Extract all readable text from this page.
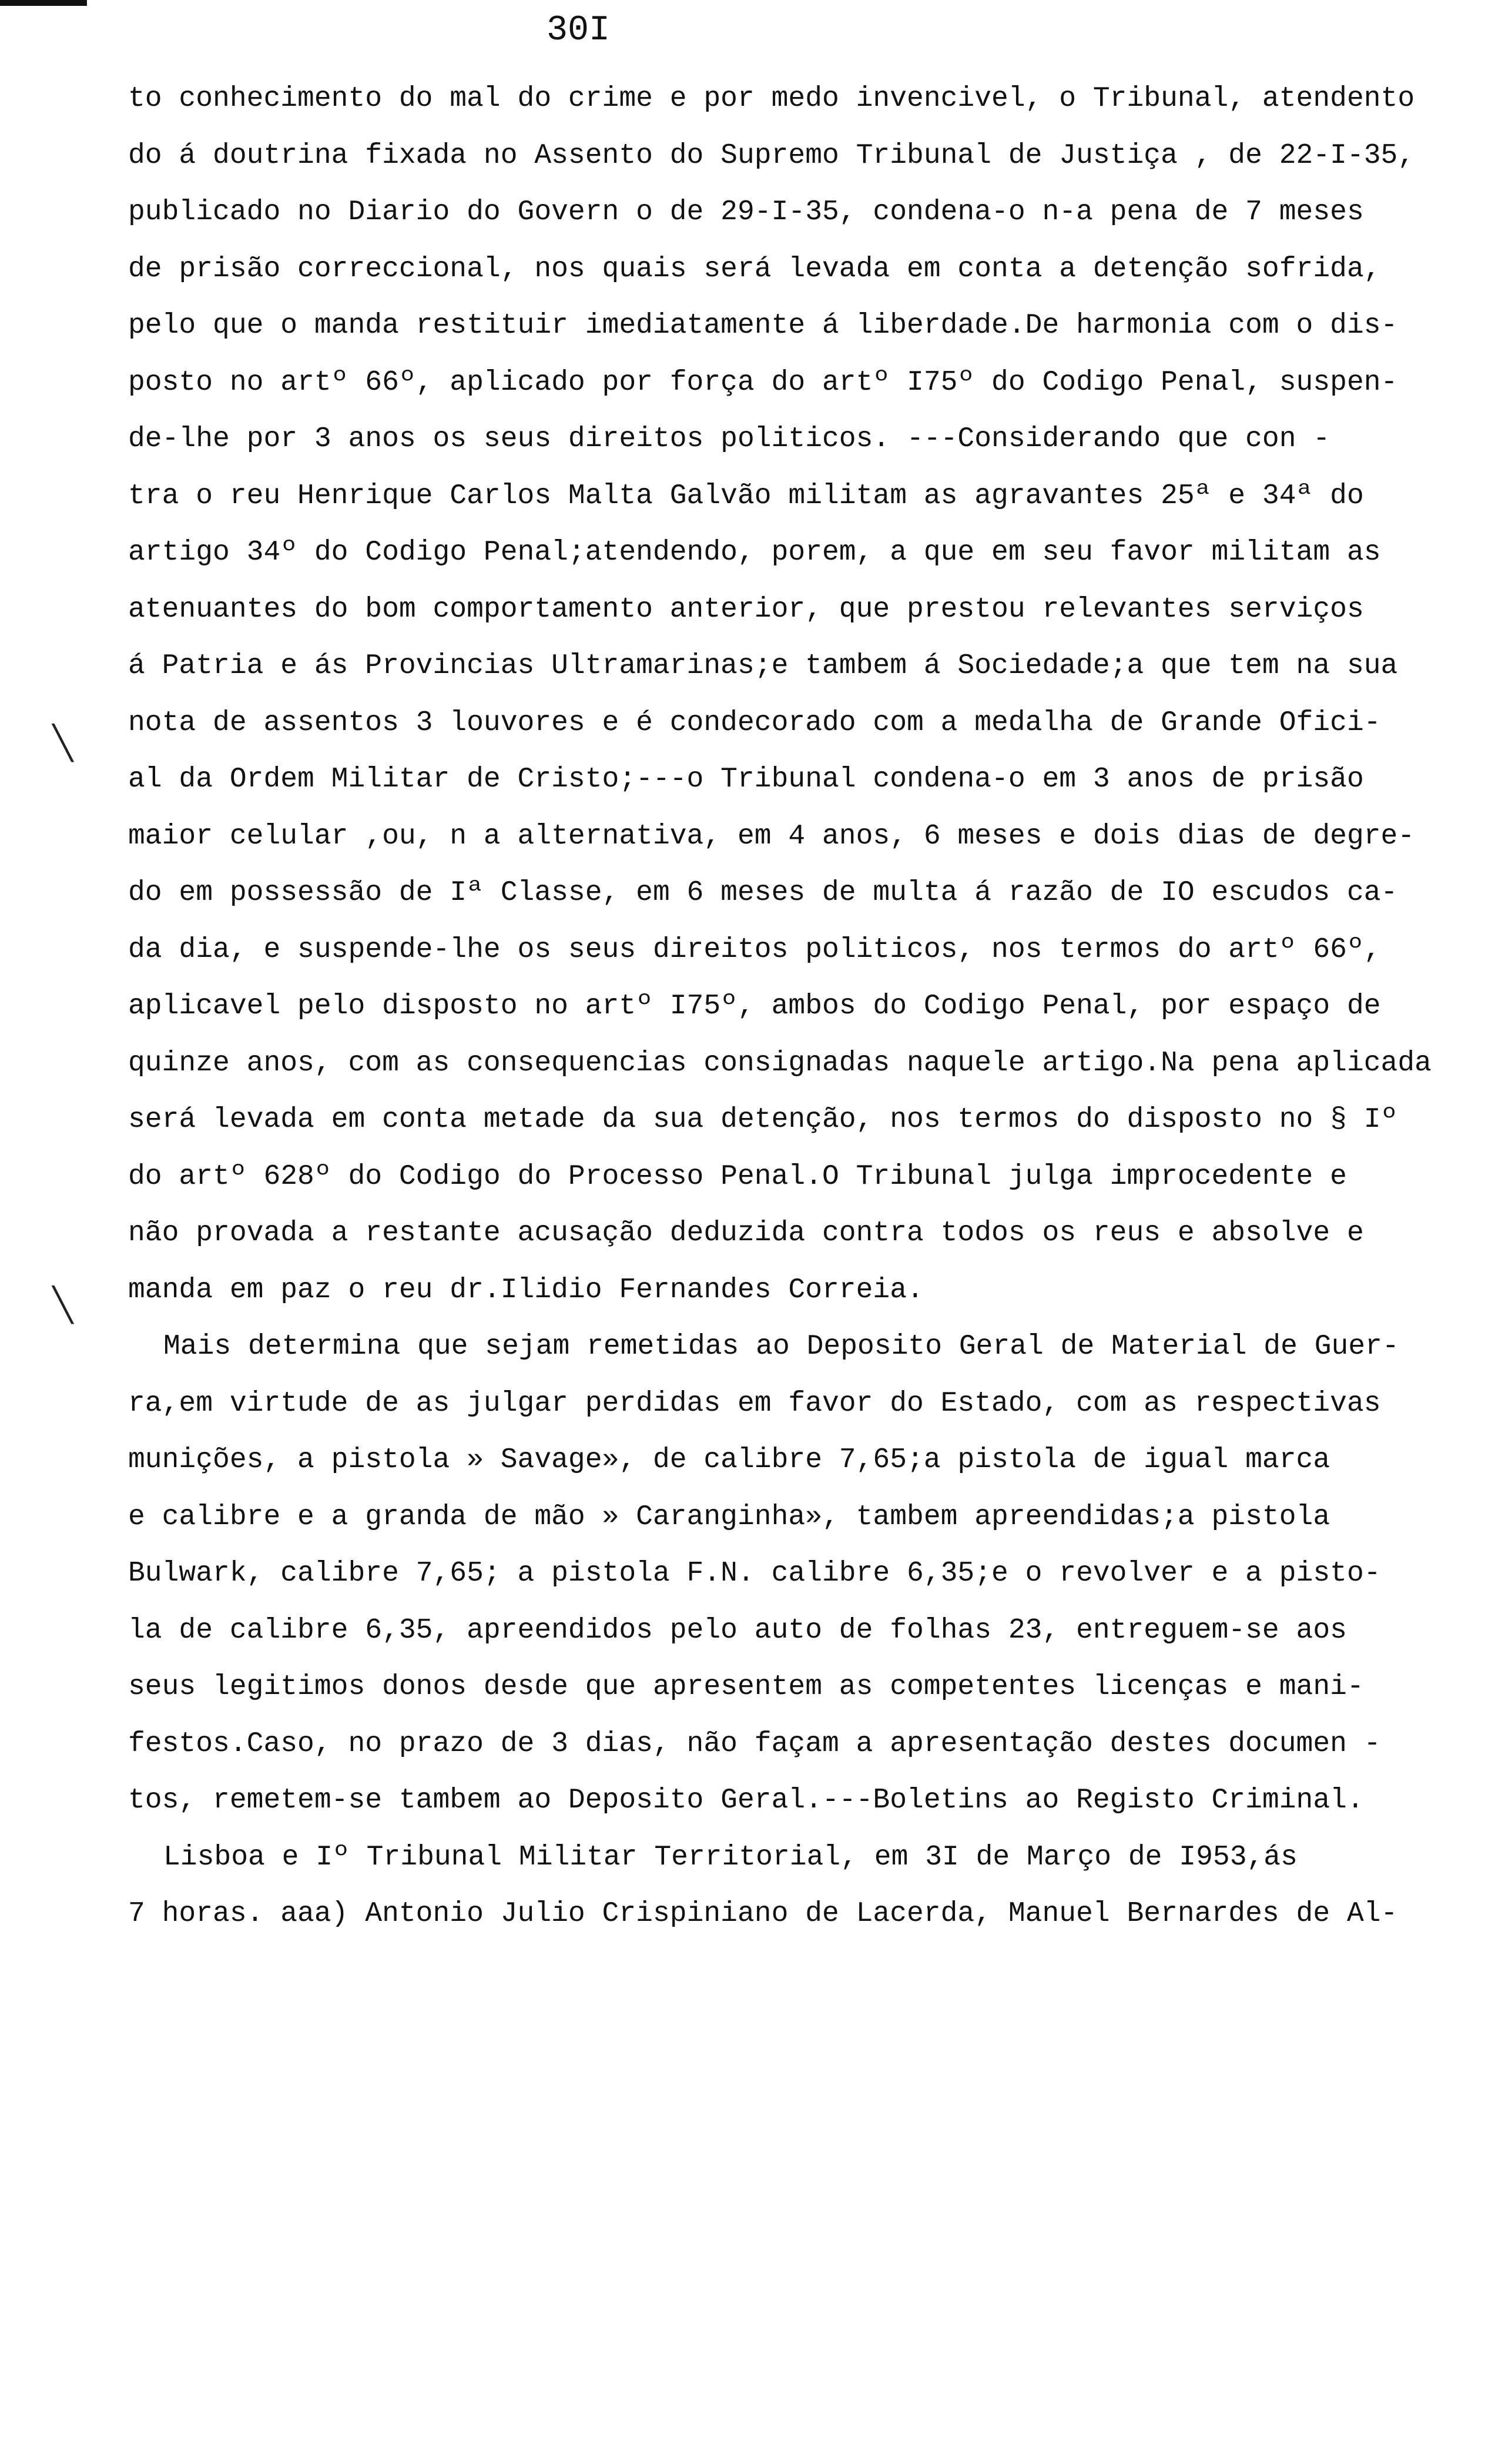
30I
╲
╲
to conhecimento do mal do crime e por medo invencivel, o Tribunal, atendento
do á doutrina fixada no Assento do Supremo Tribunal de Justiça , de 22-I-35,
publicado no Diario do Govern o de 29-I-35, condena-o n-a pena de 7 meses
de prisão correccional, nos quais será levada em conta a detenção sofrida,
pelo que o manda restituir imediatamente á liberdade.De harmonia com o dis-
posto no artº 66º, aplicado por força do artº I75º do Codigo Penal, suspen-
de-lhe por 3 anos os seus direitos politicos. ---Considerando que con -
tra o reu Henrique Carlos Malta Galvão militam as agravantes 25ª e 34ª do
artigo 34º do Codigo Penal;atendendo, porem, a que em seu favor militam as
atenuantes do bom comportamento anterior, que prestou relevantes serviços
á Patria e ás Provincias Ultramarinas;e tambem á Sociedade;a que tem na sua
nota de assentos 3 louvores e é condecorado com a medalha de Grande Ofici-
al da Ordem Militar de Cristo;---o Tribunal condena-o em 3 anos de prisão
maior celular ,ou, n a alternativa, em 4 anos, 6 meses e dois dias de degre-
do em possessão de Iª Classe, em 6 meses de multa á razão de IO escudos ca-
da dia, e suspende-lhe os seus direitos politicos, nos termos do artº 66º,
aplicavel pelo disposto no artº I75º, ambos do Codigo Penal, por espaço de
quinze anos, com as consequencias consignadas naquele artigo.Na pena aplicada
será levada em conta metade da sua detenção, nos termos do disposto no § Iº
do artº 628º do Codigo do Processo Penal.O Tribunal julga improcedente e
não provada a restante acusação deduzida contra todos os reus e absolve e
manda em paz o reu dr.Ilidio Fernandes Correia.
Mais determina que sejam remetidas ao Deposito Geral de Material de Guer-
ra,em virtude de as julgar perdidas em favor do Estado, com as respectivas
munições, a pistola » Savage», de calibre 7,65;a pistola de igual marca
e calibre e a granda de mão » Caranginha», tambem apreendidas;a pistola
Bulwark, calibre 7,65; a pistola F.N. calibre 6,35;e o revolver e a pisto-
la de calibre 6,35, apreendidos pelo auto de folhas 23, entreguem-se aos
seus legitimos donos desde que apresentem as competentes licenças e mani-
festos.Caso, no prazo de 3 dias, não façam a apresentação destes documen -
tos, remetem-se tambem ao Deposito Geral.---Boletins ao Registo Criminal.
Lisboa e Iº Tribunal Militar Territorial, em 3I de Março de I953,ás
7 horas. aaa) Antonio Julio Crispiniano de Lacerda, Manuel Bernardes de Al-
